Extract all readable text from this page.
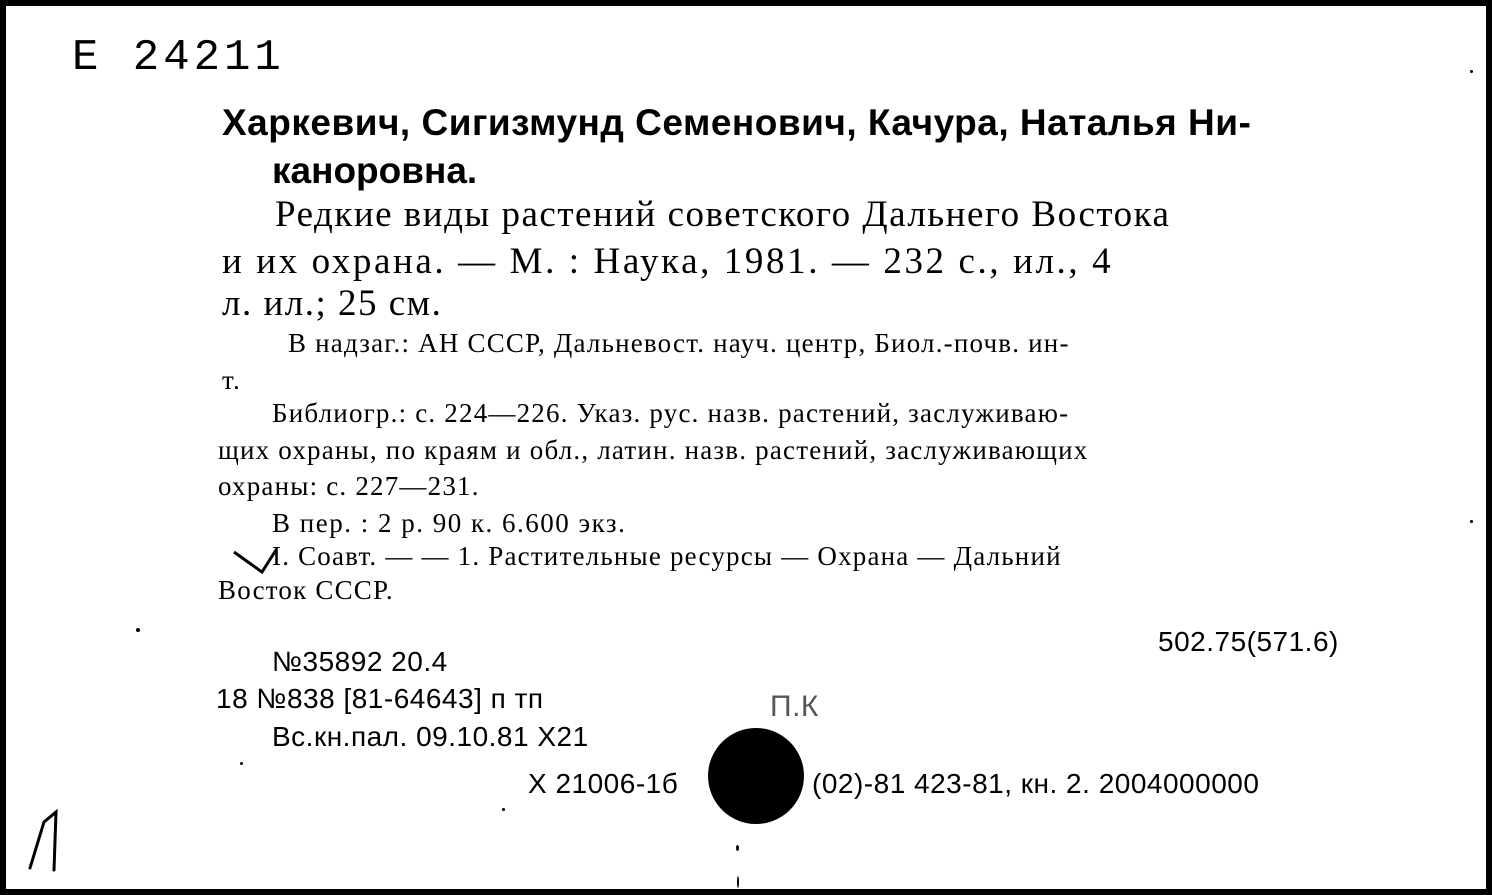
Е 24211
Харкевич, Сигизмунд Семенович, Качура, Наталья Ни-
каноровна.
Редкие виды растений советского Дальнего Востока
и их охрана. — М. : Наука, 1981. — 232 с., ил., 4
л. ил.; 25 см.
В надзаг.: АН СССР, Дальневост. науч. центр, Биол.-почв. ин-
т.
Библиогр.: с. 224—226. Указ. рус. назв. растений, заслуживаю-
щих охраны, по краям и обл., латин. назв. растений, заслуживающих
охраны: с. 227—231.
В пер. : 2 р. 90 к. 6.600 экз.
I. Соавт. — — 1. Растительные ресурсы — Охрана — Дальний
Восток СССР.
502.75(571.6)
№35892 20.4
18 №838 [81-64643] п тп	П.К
Вс.кн.пал. 09.10.81 Х21
Х 21006-1б	(02)-81 423-81, кн. 2. 2004000000
